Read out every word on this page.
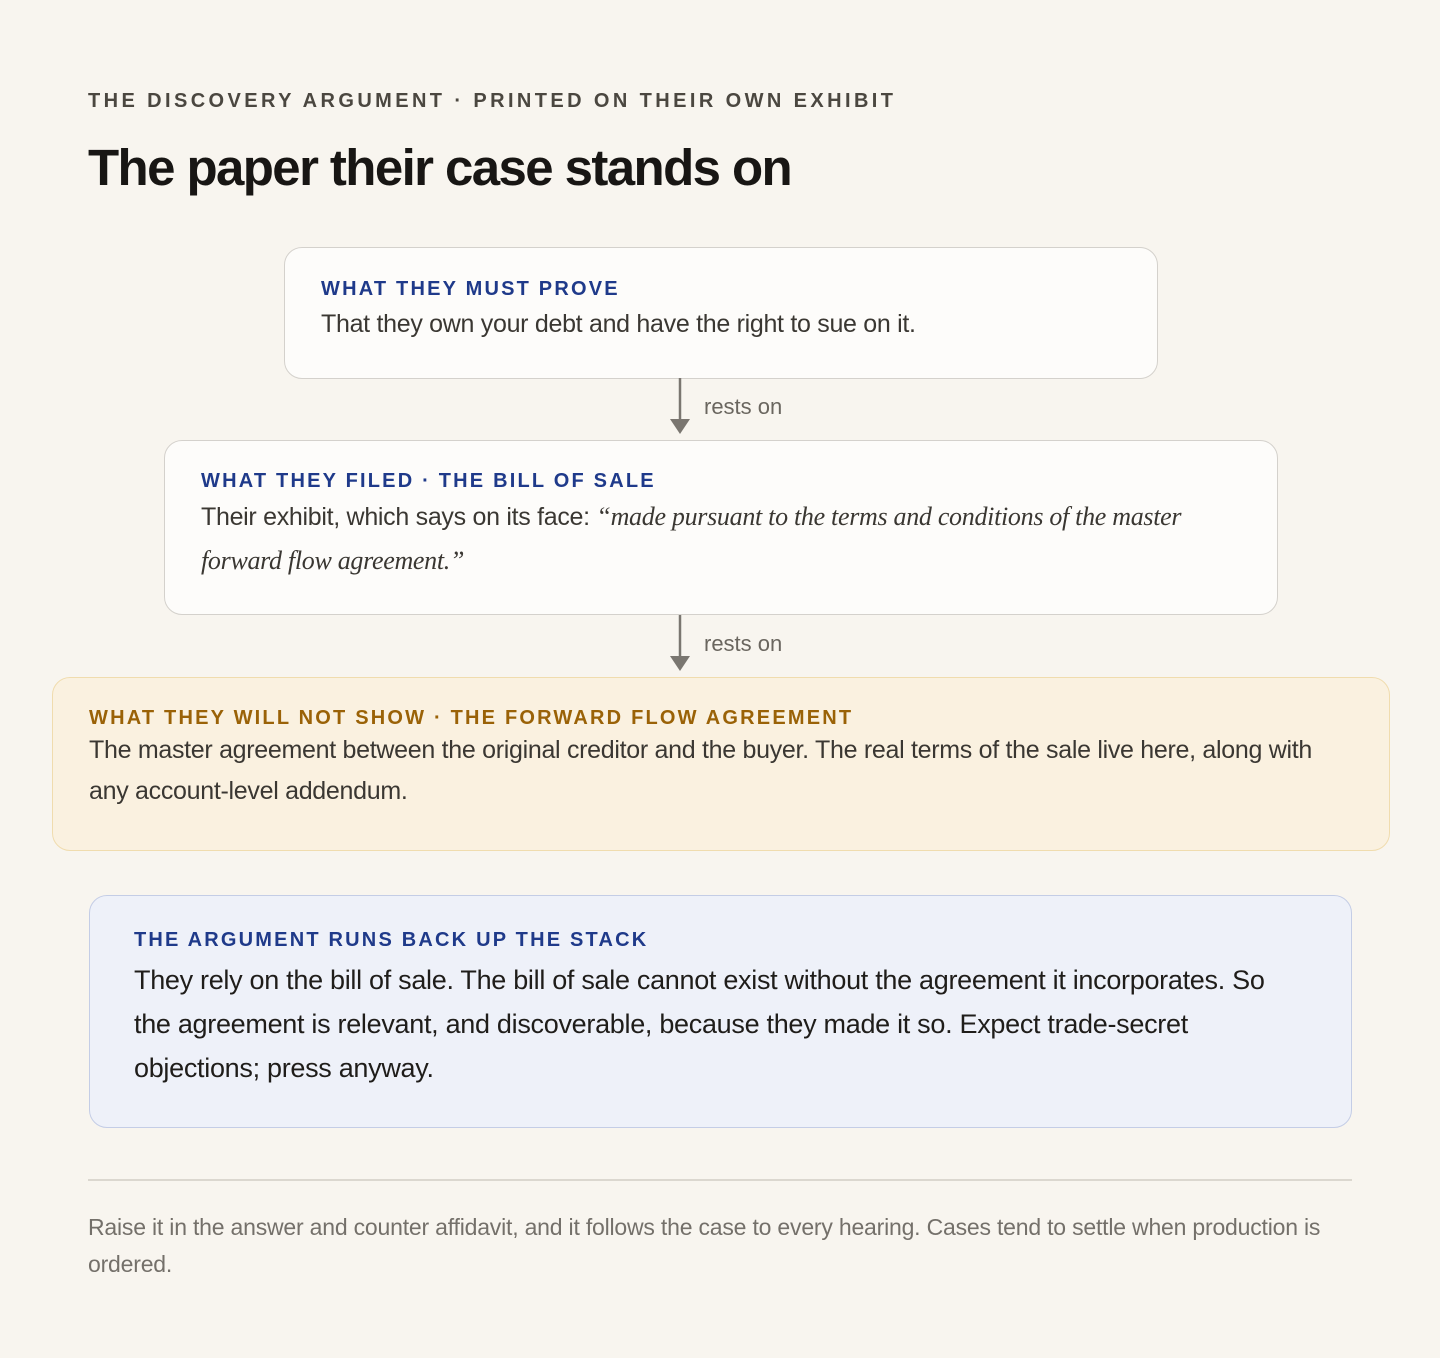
THE DISCOVERY ARGUMENT · PRINTED ON THEIR OWN EXHIBIT
The paper their case stands on
WHAT THEY MUST PROVE
That they own your debt and have the right to sue on it.
rests on
WHAT THEY FILED · THE BILL OF SALE
Their exhibit, which says on its face: “made pursuant to the terms and conditions of the master forward flow agreement.”
rests on
WHAT THEY WILL NOT SHOW · THE FORWARD FLOW AGREEMENT
The master agreement between the original creditor and the buyer. The real terms of the sale live here, along with any account-level addendum.
THE ARGUMENT RUNS BACK UP THE STACK
They rely on the bill of sale. The bill of sale cannot exist without the agreement it incorporates. So the agreement is relevant, and discoverable, because they made it so. Expect trade-secret objections; press anyway.
Raise it in the answer and counter affidavit, and it follows the case to every hearing. Cases tend to settle when production is ordered.
